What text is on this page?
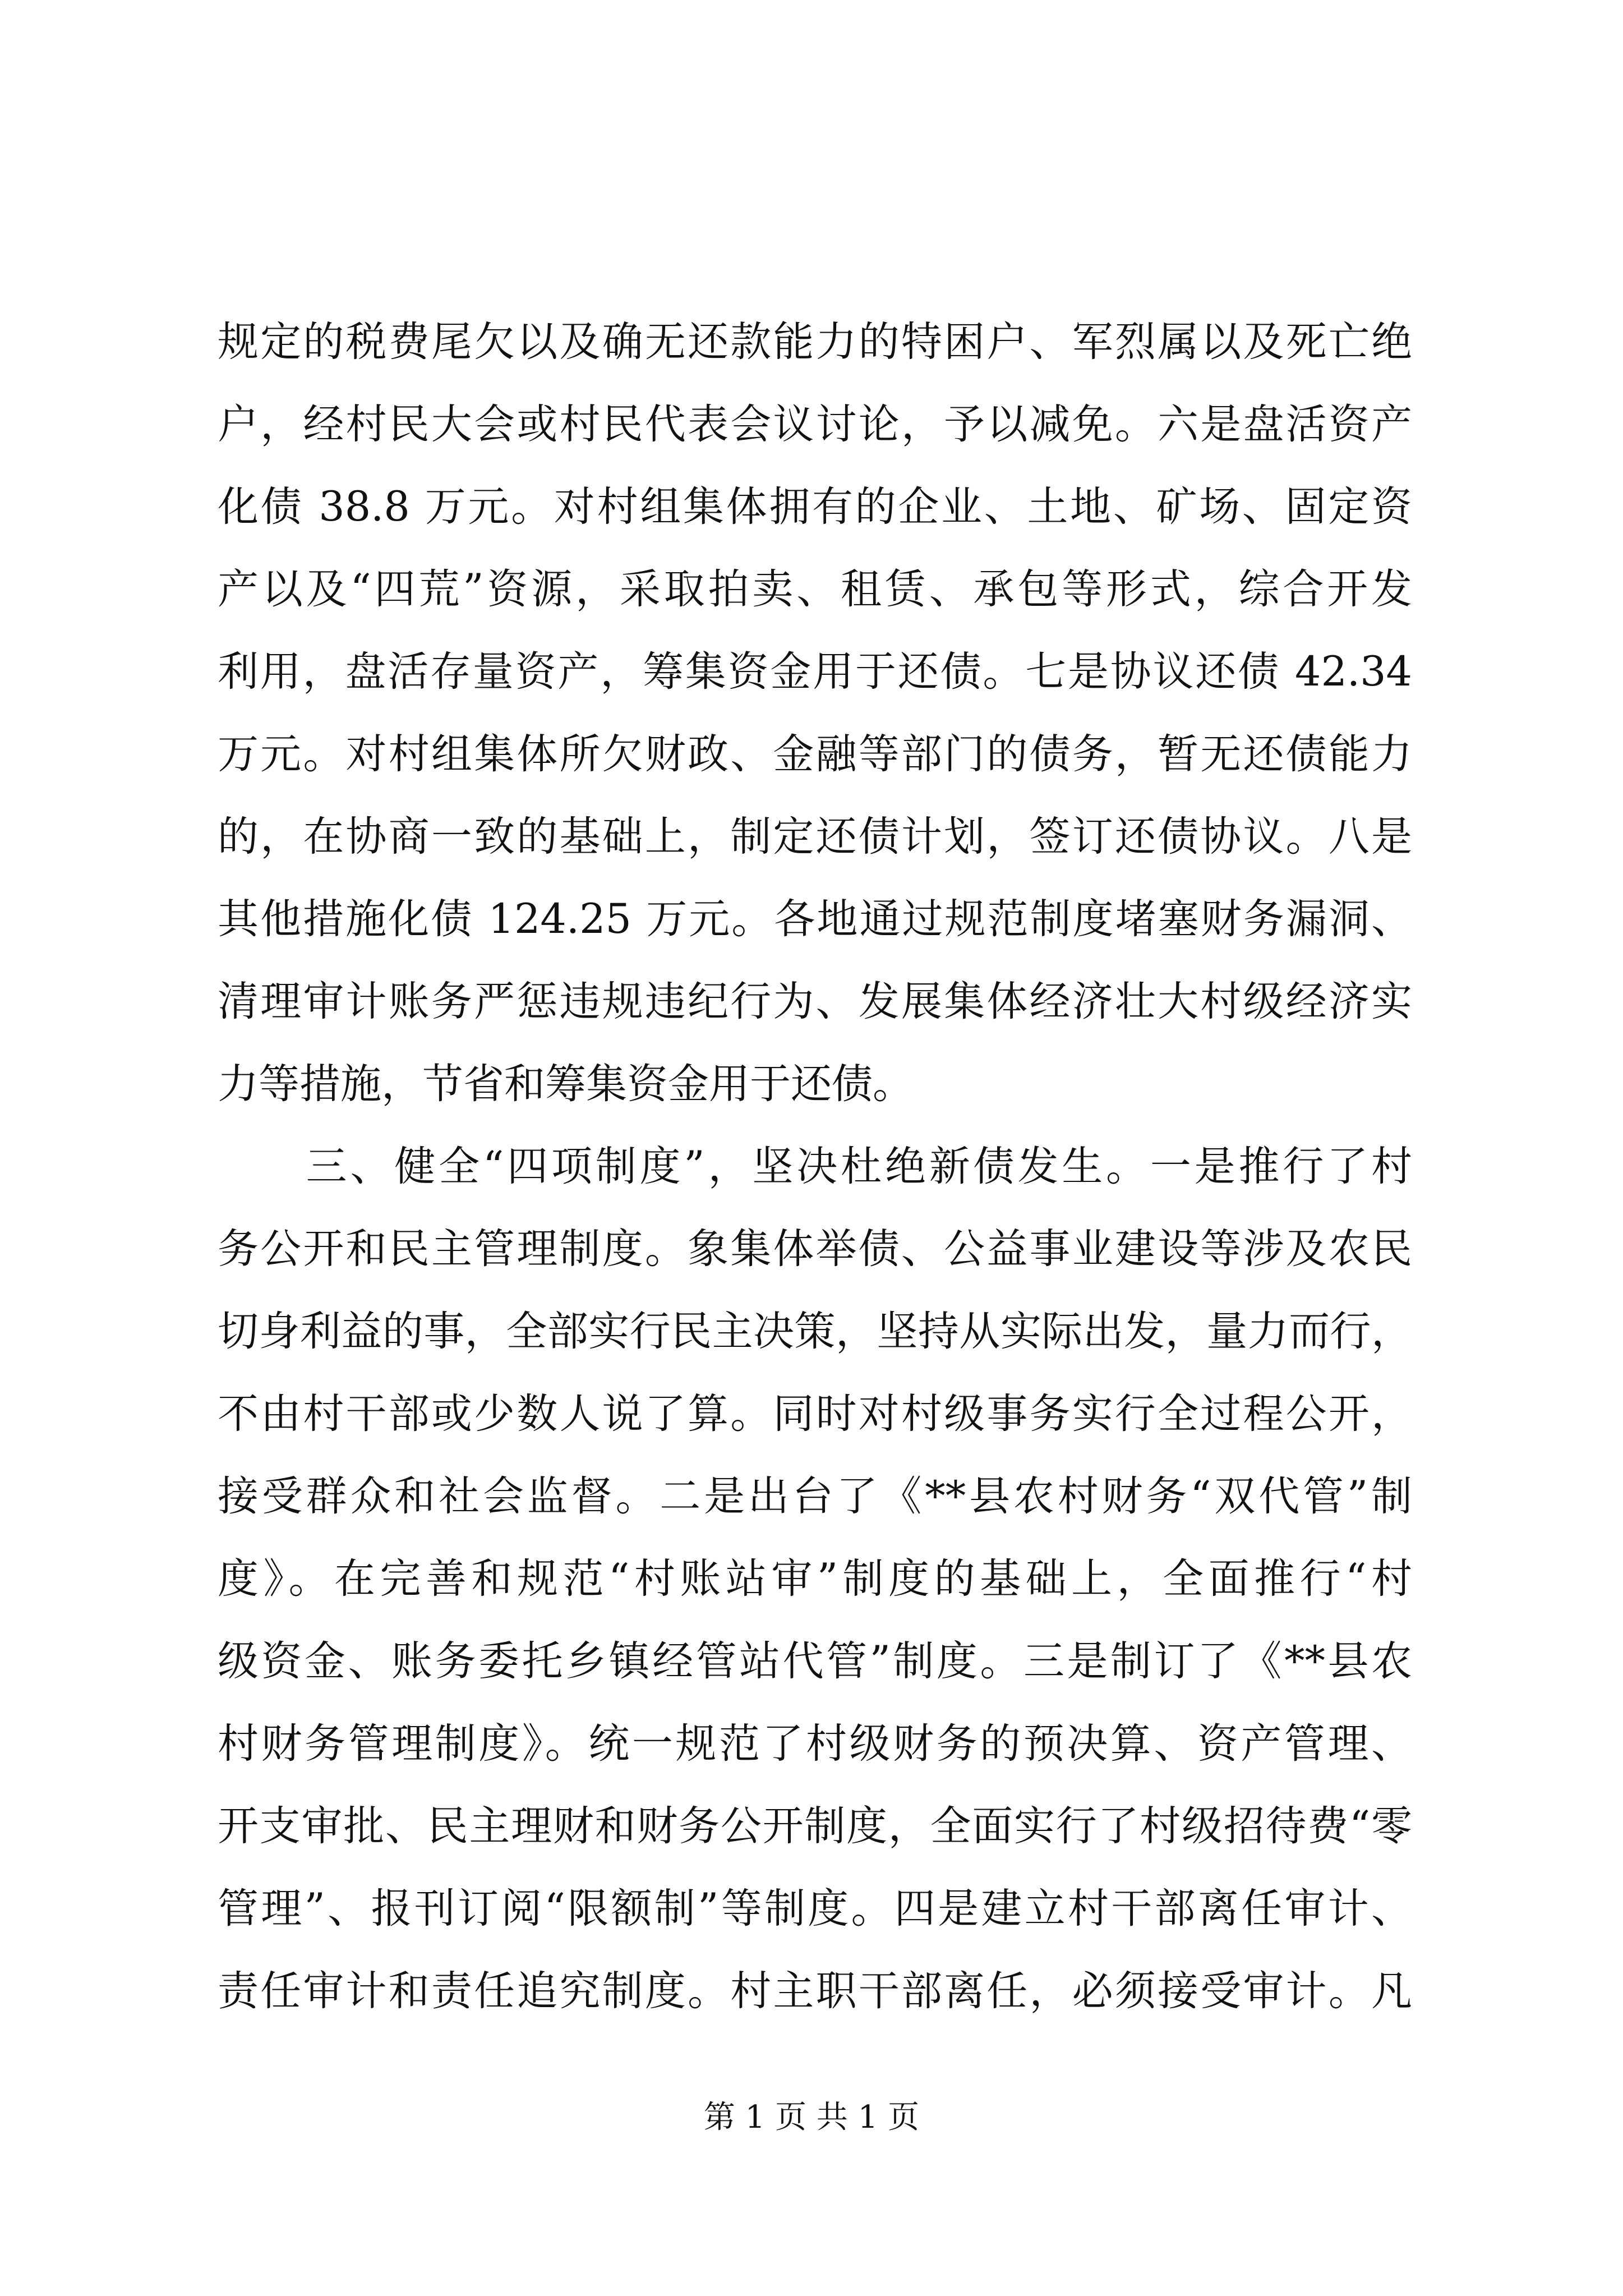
规定的税费尾欠以及确无还款能力的特困户、军烈属以及死亡绝
户，经村民大会或村民代表会议讨论，予以减免。六是盘活资产
化债 38.8 万元。对村组集体拥有的企业、土地、矿场、固定资
产以及“四荒”资源，采取拍卖、租赁、承包等形式，综合开发
利用，盘活存量资产，筹集资金用于还债。七是协议还债 42.34
万元。对村组集体所欠财政、金融等部门的债务，暂无还债能力
的，在协商一致的基础上，制定还债计划，签订还债协议。八是
其他措施化债 124.25 万元。各地通过规范制度堵塞财务漏洞、
清理审计账务严惩违规违纪行为、发展集体经济壮大村级经济实
力等措施，节省和筹集资金用于还债。
　　三、健全“四项制度”，坚决杜绝新债发生。一是推行了村
务公开和民主管理制度。象集体举债、公益事业建设等涉及农民
切身利益的事，全部实行民主决策，坚持从实际出发，量力而行，
不由村干部或少数人说了算。同时对村级事务实行全过程公开，
接受群众和社会监督。二是出台了《**县农村财务“双代管”制
度》。在完善和规范“村账站审”制度的基础上，全面推行“村
级资金、账务委托乡镇经管站代管”制度。三是制订了《**县农
村财务管理制度》。统一规范了村级财务的预决算、资产管理、
开支审批、民主理财和财务公开制度，全面实行了村级招待费“零
管理”、报刊订阅“限额制”等制度。四是建立村干部离任审计、
责任审计和责任追究制度。村主职干部离任，必须接受审计。凡
第 1 页 共 1 页
